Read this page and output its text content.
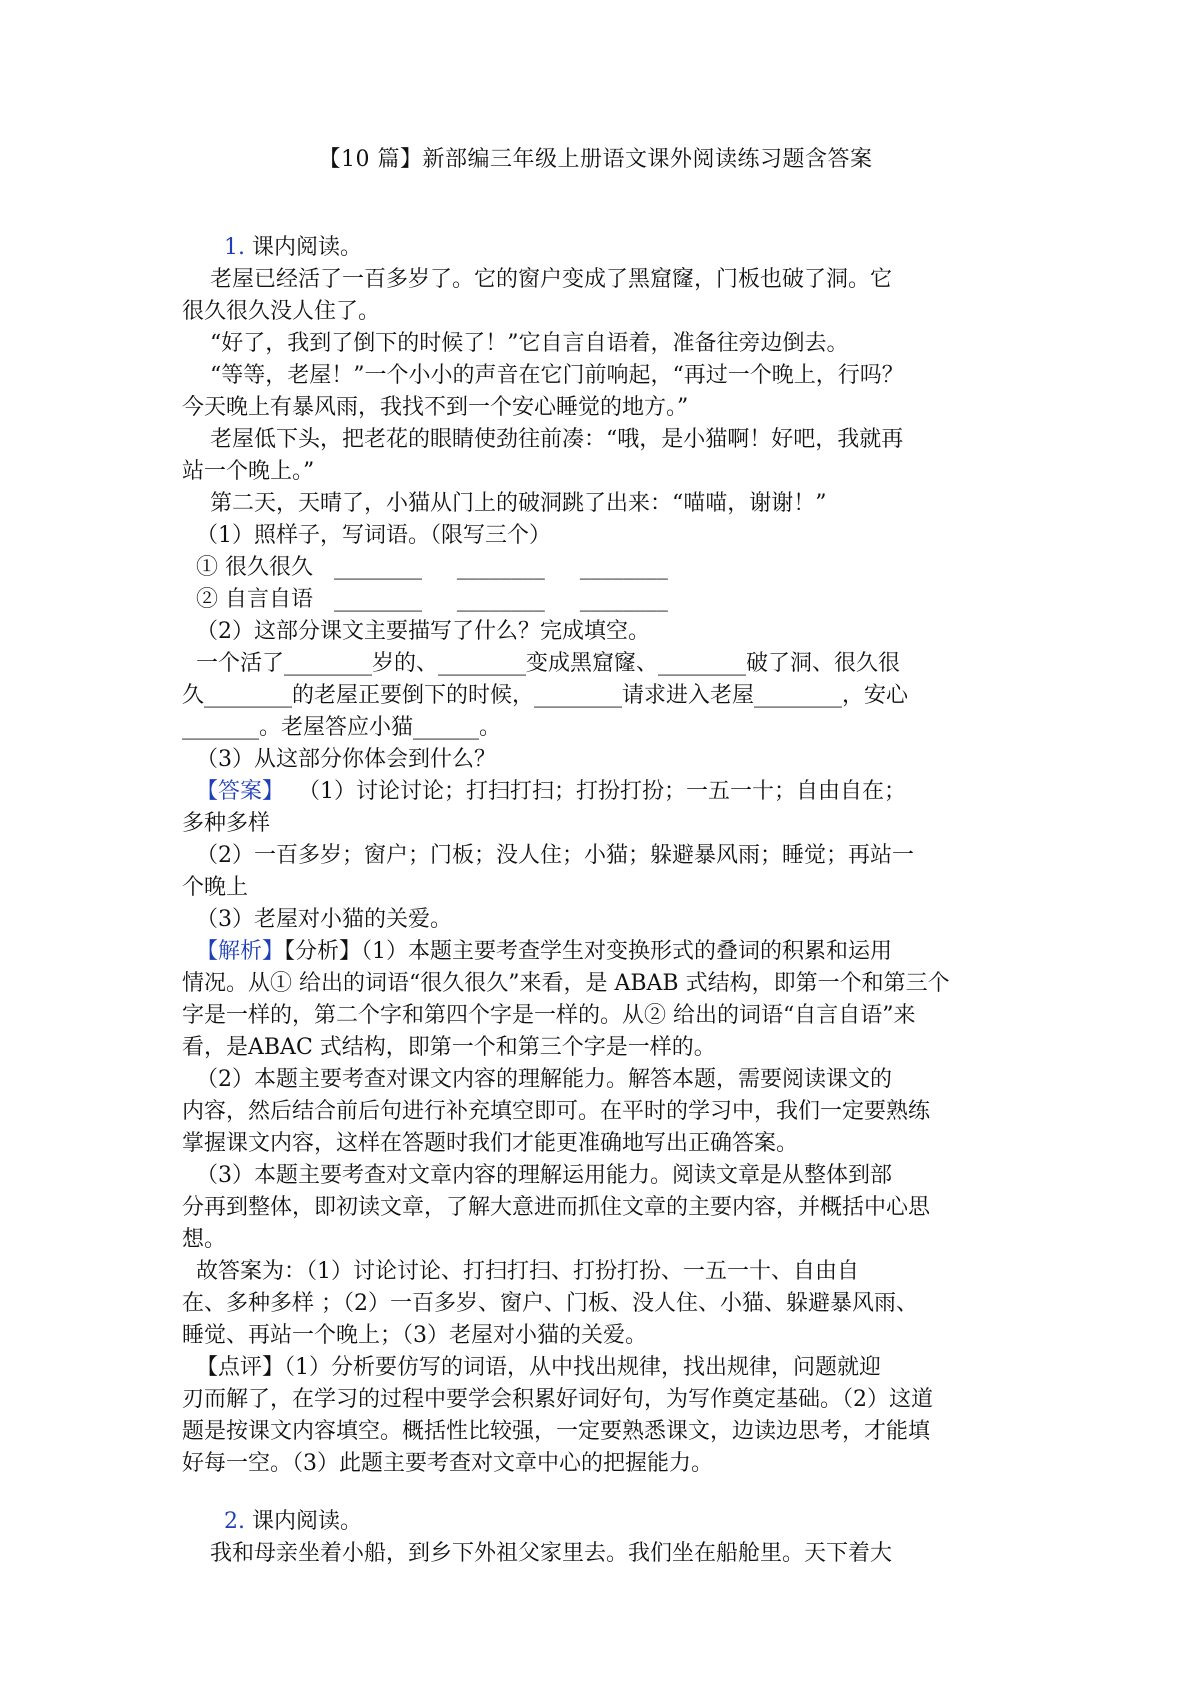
【10 篇】新部编三年级上册语文课外阅读练习题含答案
1. 课内阅读。
老屋已经活了一百多岁了。它的窗户变成了黑窟窿，门板也破了洞。它
很久很久没人住了。
“好了，我到了倒下的时候了！”它自言自语着，准备往旁边倒去。
“等等，老屋！”一个小小的声音在它门前响起，“再过一个晚上，行吗？
今天晚上有暴风雨，我找不到一个安心睡觉的地方。”
老屋低下头，把老花的眼睛使劲往前凑：“哦，是小猫啊！好吧，我就再
站一个晚上。”
第二天，天晴了，小猫从门上的破洞跳了出来：“喵喵，谢谢！”
（1）照样子，写词语。（限写三个）
① 很久很久   ________     ________     ________
② 自言自语   ________     ________     ________
（2）这部分课文主要描写了什么？完成填空。
一个活了________岁的、________变成黑窟窿、________破了洞、很久很
久________的老屋正要倒下的时候，________请求进入老屋________，安心
_______。老屋答应小猫______。
（3）从这部分你体会到什么？
【答案】  （1）讨论讨论；打扫打扫；打扮打扮；一五一十；自由自在；
多种多样
（2）一百多岁；窗户；门板；没人住；小猫；躲避暴风雨；睡觉；再站一
个晚上
（3）老屋对小猫的关爱。
【解析】【分析】（1）本题主要考查学生对变换形式的叠词的积累和运用
情况。从① 给出的词语“很久很久”来看，是 ABAB 式结构，即第一个和第三个
字是一样的，第二个字和第四个字是一样的。从② 给出的词语“自言自语”来
看，是ABAC 式结构，即第一个和第三个字是一样的。
（2）本题主要考查对课文内容的理解能力。解答本题，需要阅读课文的
内容，然后结合前后句进行补充填空即可。在平时的学习中，我们一定要熟练
掌握课文内容，这样在答题时我们才能更准确地写出正确答案。
（3）本题主要考查对文章内容的理解运用能力。阅读文章是从整体到部
分再到整体，即初读文章，了解大意进而抓住文章的主要内容，并概括中心思
想。
故答案为：（1）讨论讨论、打扫打扫、打扮打扮、一五一十、自由自
在、多种多样 ；（2）一百多岁、窗户、门板、没人住、小猫、躲避暴风雨、
睡觉、再站一个晚上；（3）老屋对小猫的关爱。
【点评】（1）分析要仿写的词语，从中找出规律，找出规律，问题就迎
刃而解了，在学习的过程中要学会积累好词好句，为写作奠定基础。（2）这道
题是按课文内容填空。概括性比较强，一定要熟悉课文，边读边思考，才能填
好每一空。（3）此题主要考查对文章中心的把握能力。
2. 课内阅读。
我和母亲坐着小船，到乡下外祖父家里去。我们坐在船舱里。天下着大
